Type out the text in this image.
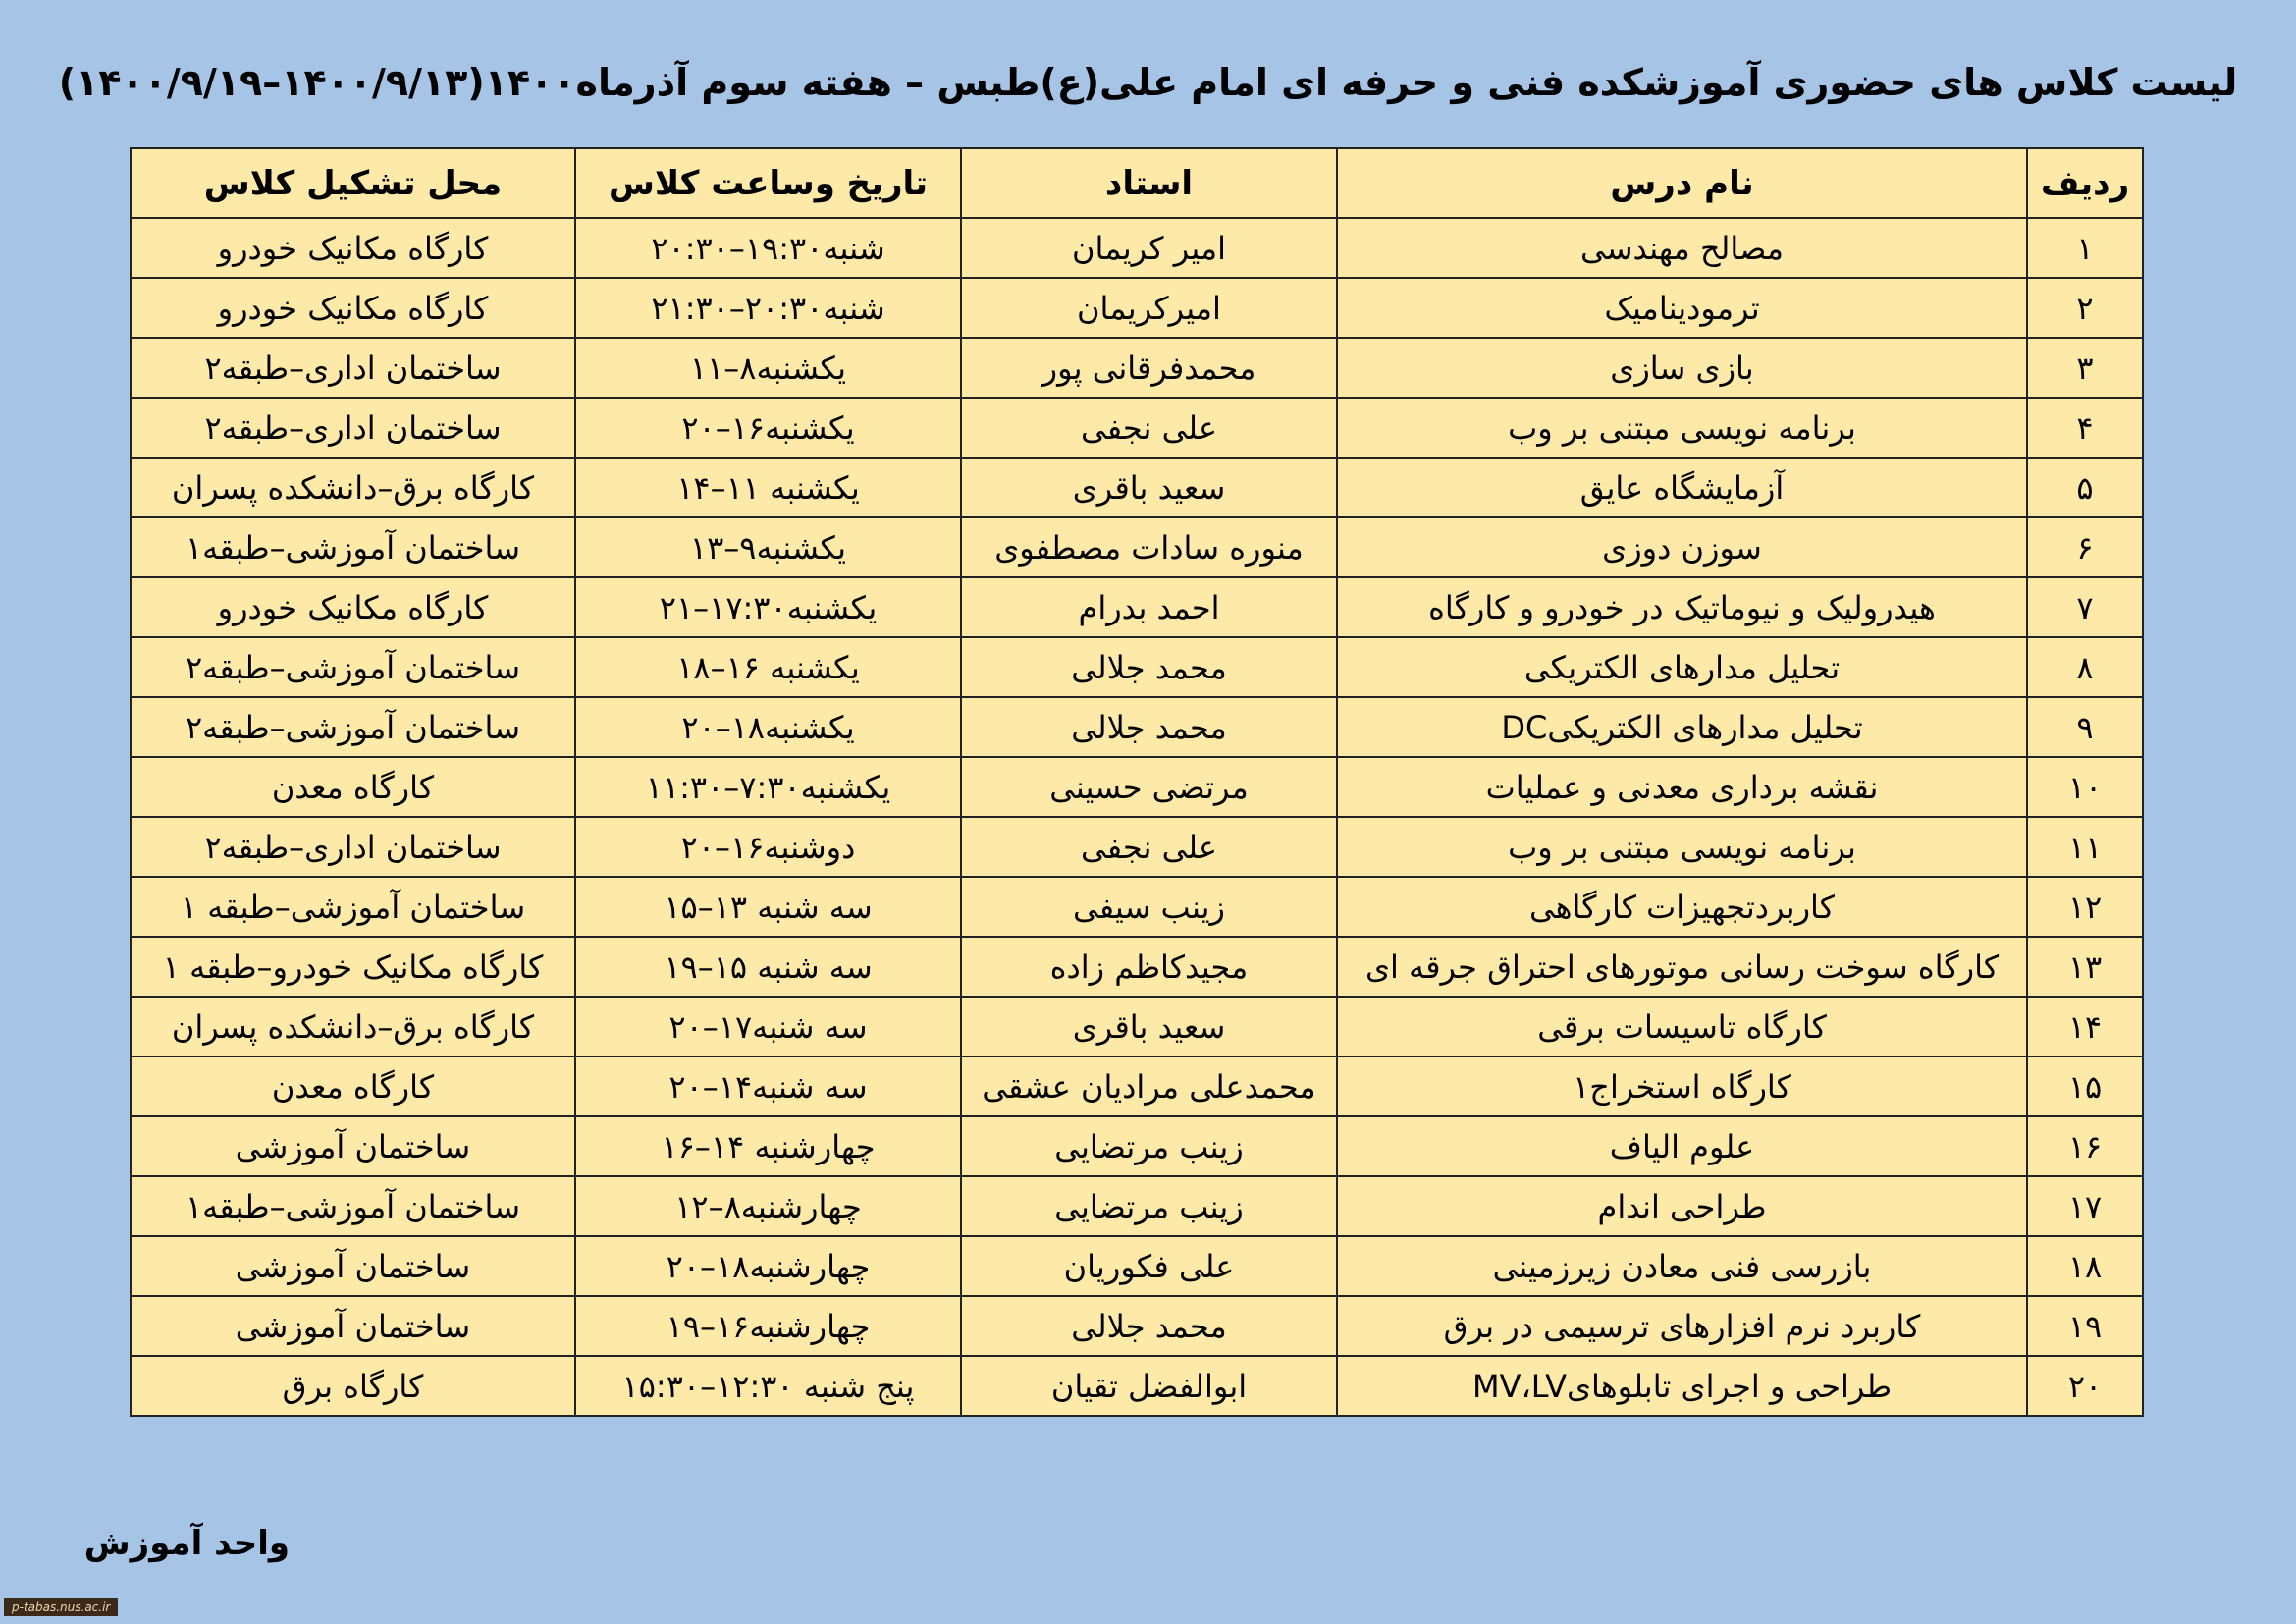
لیست کلاس های حضوری آموزشکده فنی و حرفه ای امام علی(ع)طبس – هفته سوم آذرماه۱۴۰۰(۱۴۰۰/۹/۱۳–۱۴۰۰/۹/۱۹)
ردیف	نام درس	استاد	تاریخ وساعت کلاس	محل تشکیل کلاس
۱	مصالح مهندسی	امیر کریمان	شنبه۱۹:۳۰–۲۰:۳۰	کارگاه مکانیک خودرو
۲	ترمودینامیک	امیرکریمان	شنبه۲۰:۳۰–۲۱:۳۰	کارگاه مکانیک خودرو
۳	بازی سازی	محمدفرقانی پور	یکشنبه۸–۱۱	ساختمان اداری–طبقه۲
۴	برنامه نویسی مبتنی بر وب	علی نجفی	یکشنبه۱۶–۲۰	ساختمان اداری–طبقه۲
۵	آزمایشگاه عایق	سعید باقری	یکشنبه ۱۱–۱۴	کارگاه برق–دانشکده پسران
۶	سوزن دوزی	منوره سادات مصطفوی	یکشنبه۹–۱۳	ساختمان آموزشی–طبقه۱
۷	هیدرولیک و نیوماتیک در خودرو و کارگاه	احمد بدرام	یکشنبه۱۷:۳۰–۲۱	کارگاه مکانیک خودرو
۸	تحلیل مدارهای الکتریکی	محمد جلالی	یکشنبه ۱۶–۱۸	ساختمان آموزشی–طبقه۲
۹	تحلیل مدارهای الکتریکیDC	محمد جلالی	یکشنبه۱۸–۲۰	ساختمان آموزشی–طبقه۲
۱۰	نقشه برداری معدنی و عملیات	مرتضی حسینی	یکشنبه۷:۳۰–۱۱:۳۰	کارگاه معدن
۱۱	برنامه نویسی مبتنی بر وب	علی نجفی	دوشنبه۱۶–۲۰	ساختمان اداری–طبقه۲
۱۲	کاربردتجهیزات کارگاهی	زینب سیفی	سه شنبه ۱۳–۱۵	ساختمان آموزشی–طبقه ۱
۱۳	کارگاه سوخت رسانی موتورهای احتراق جرقه ای	مجیدکاظم زاده	سه شنبه ۱۵–۱۹	کارگاه مکانیک خودرو–طبقه ۱
۱۴	کارگاه تاسیسات برقی	سعید باقری	سه شنبه۱۷–۲۰	کارگاه برق–دانشکده پسران
۱۵	کارگاه استخراج۱	محمدعلی مرادیان عشقی	سه شنبه۱۴–۲۰	کارگاه معدن
۱۶	علوم الیاف	زینب مرتضایی	چهارشنبه ۱۴–۱۶	ساختمان آموزشی
۱۷	طراحی اندام	زینب مرتضایی	چهارشنبه۸–۱۲	ساختمان آموزشی–طبقه۱
۱۸	بازرسی فنی معادن زیرزمینی	علی فکوریان	چهارشنبه۱۸–۲۰	ساختمان آموزشی
۱۹	کاربرد نرم افزارهای ترسیمی در برق	محمد جلالی	چهارشنبه۱۶–۱۹	ساختمان آموزشی
۲۰	طراحی و اجرای تابلوهایMV،LV	ابوالفضل تقیان	پنج شنبه ۱۲:۳۰–۱۵:۳۰	کارگاه برق
واحد آموزش
p-tabas.nus.ac.ir
